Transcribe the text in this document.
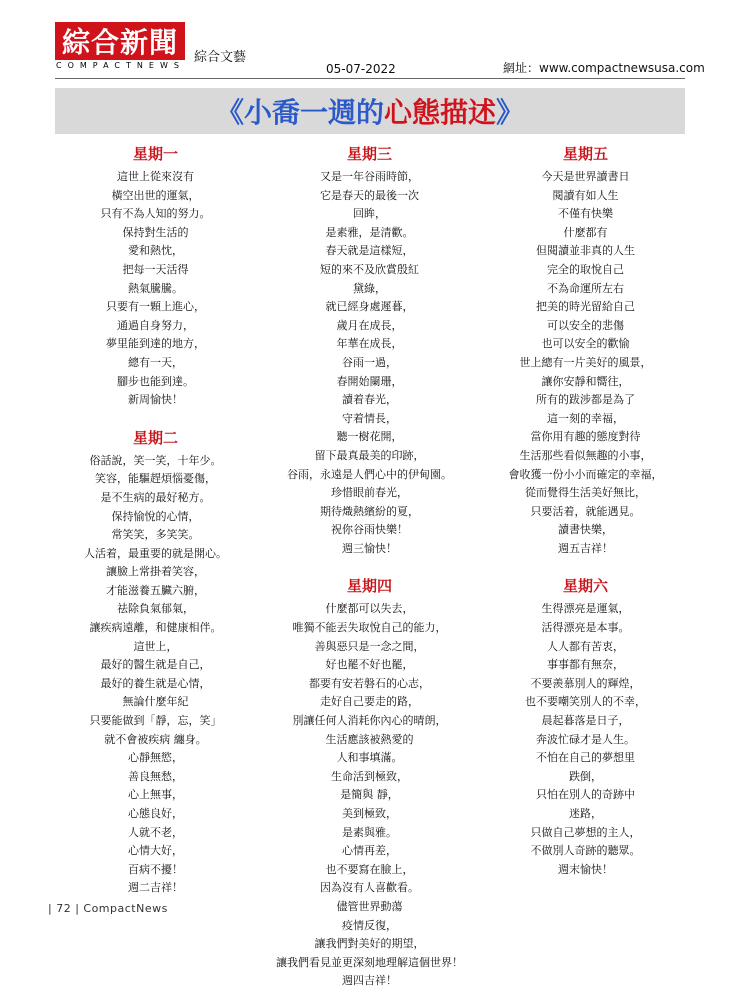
綜合新聞
COMPACTNEWS
綜合文藝
05-07-2022	網址：www.compactnewsusa.com
《小喬一週的心態描述》
星期一
這世上從來沒有
橫空出世的運氣，
只有不為人知的努力。
保持對生活的
愛和熱忱，
把每一天活得
熱氣騰騰。
只要有一顆上進心，
通過自身努力，
夢里能到達的地方，
總有一天，
腳步也能到達。
新周愉快！
星期二
俗話說，笑一笑，十年少。
笑容，能驅趕煩惱憂傷，
是不生病的最好秘方。
保持愉悅的心情，
常笑笑，多笑笑。
人活着，最重要的就是開心。
讓臉上常掛着笑容，
才能滋養五臟六腑，
祛除負氣郁氣，
讓疾病遠離，和健康相伴。
這世上，
最好的醫生就是自己，
最好的養生就是心情，
無論什麼年紀
只要能做到「靜，忘，笑」
就不會被疾病 纏身。
心靜無慾，
善良無愁，
心上無事，
心態良好，
人就不老，
心情大好，
百病不擾！
週二吉祥！
星期三
又是一年谷雨時節，
它是春天的最後一次
回眸，
是素雅，是清歡。
春天就是這樣短，
短的來不及欣賞殷紅
黛綠，
就已經身處遲暮，
歲月在成長，
年華在成長，
谷雨一過，
春開始闌珊，
讀着春光，
守着情長，
聽一樹花開，
留下最真最美的印跡，
谷雨，永遠是人們心中的伊甸園。
珍惜眼前春光，
期待熾熱繽紛的夏，
祝你谷雨快樂！
週三愉快！
星期四
什麼都可以失去，
唯獨不能丟失取悅自己的能力，
善與惡只是一念之間，
好也罷不好也罷，
都要有安若磐石的心志，
走好自己要走的路，
別讓任何人消耗你內心的晴朗，
生活應該被熱愛的
人和事填滿。
生命活到極致，
是簡與 靜，
美到極致，
是素與雅。
心情再差，
也不要寫在臉上，
因為沒有人喜歡看。
儘管世界動蕩
疫情反復，
讓我們對美好的期望，
讓我們看見並更深刻地理解這個世界！
週四吉祥！
星期五
今天是世界讀書日
閱讀有如人生
不僅有快樂
什麼都有
但閱讀並非真的人生
完全的取悅自己
不為命運所左右
把美的時光留給自己
可以安全的悲傷
也可以安全的歡愉
世上總有一片美好的風景，
讓你安靜和嚮往，
所有的跋涉都是為了
這一刻的幸福，
當你用有趣的態度對待
生活那些看似無趣的小事，
會收獲一份小小而確定的幸福，
從而覺得生活美好無比，
只要活着，就能遇見。
讀書快樂，
週五吉祥！
星期六
生得漂亮是運氣，
活得漂亮是本事。
人人都有苦衷，
事事都有無奈，
不要羨慕別人的輝煌，
也不要嘲笑別人的不幸，
晨起暮落是日子，
奔波忙碌才是人生。
不怕在自己的夢想里
跌倒，
只怕在別人的奇跡中
迷路，
只做自己夢想的主人，
不做別人奇跡的聽眾。
週末愉快！
| 72 | CompactNews
